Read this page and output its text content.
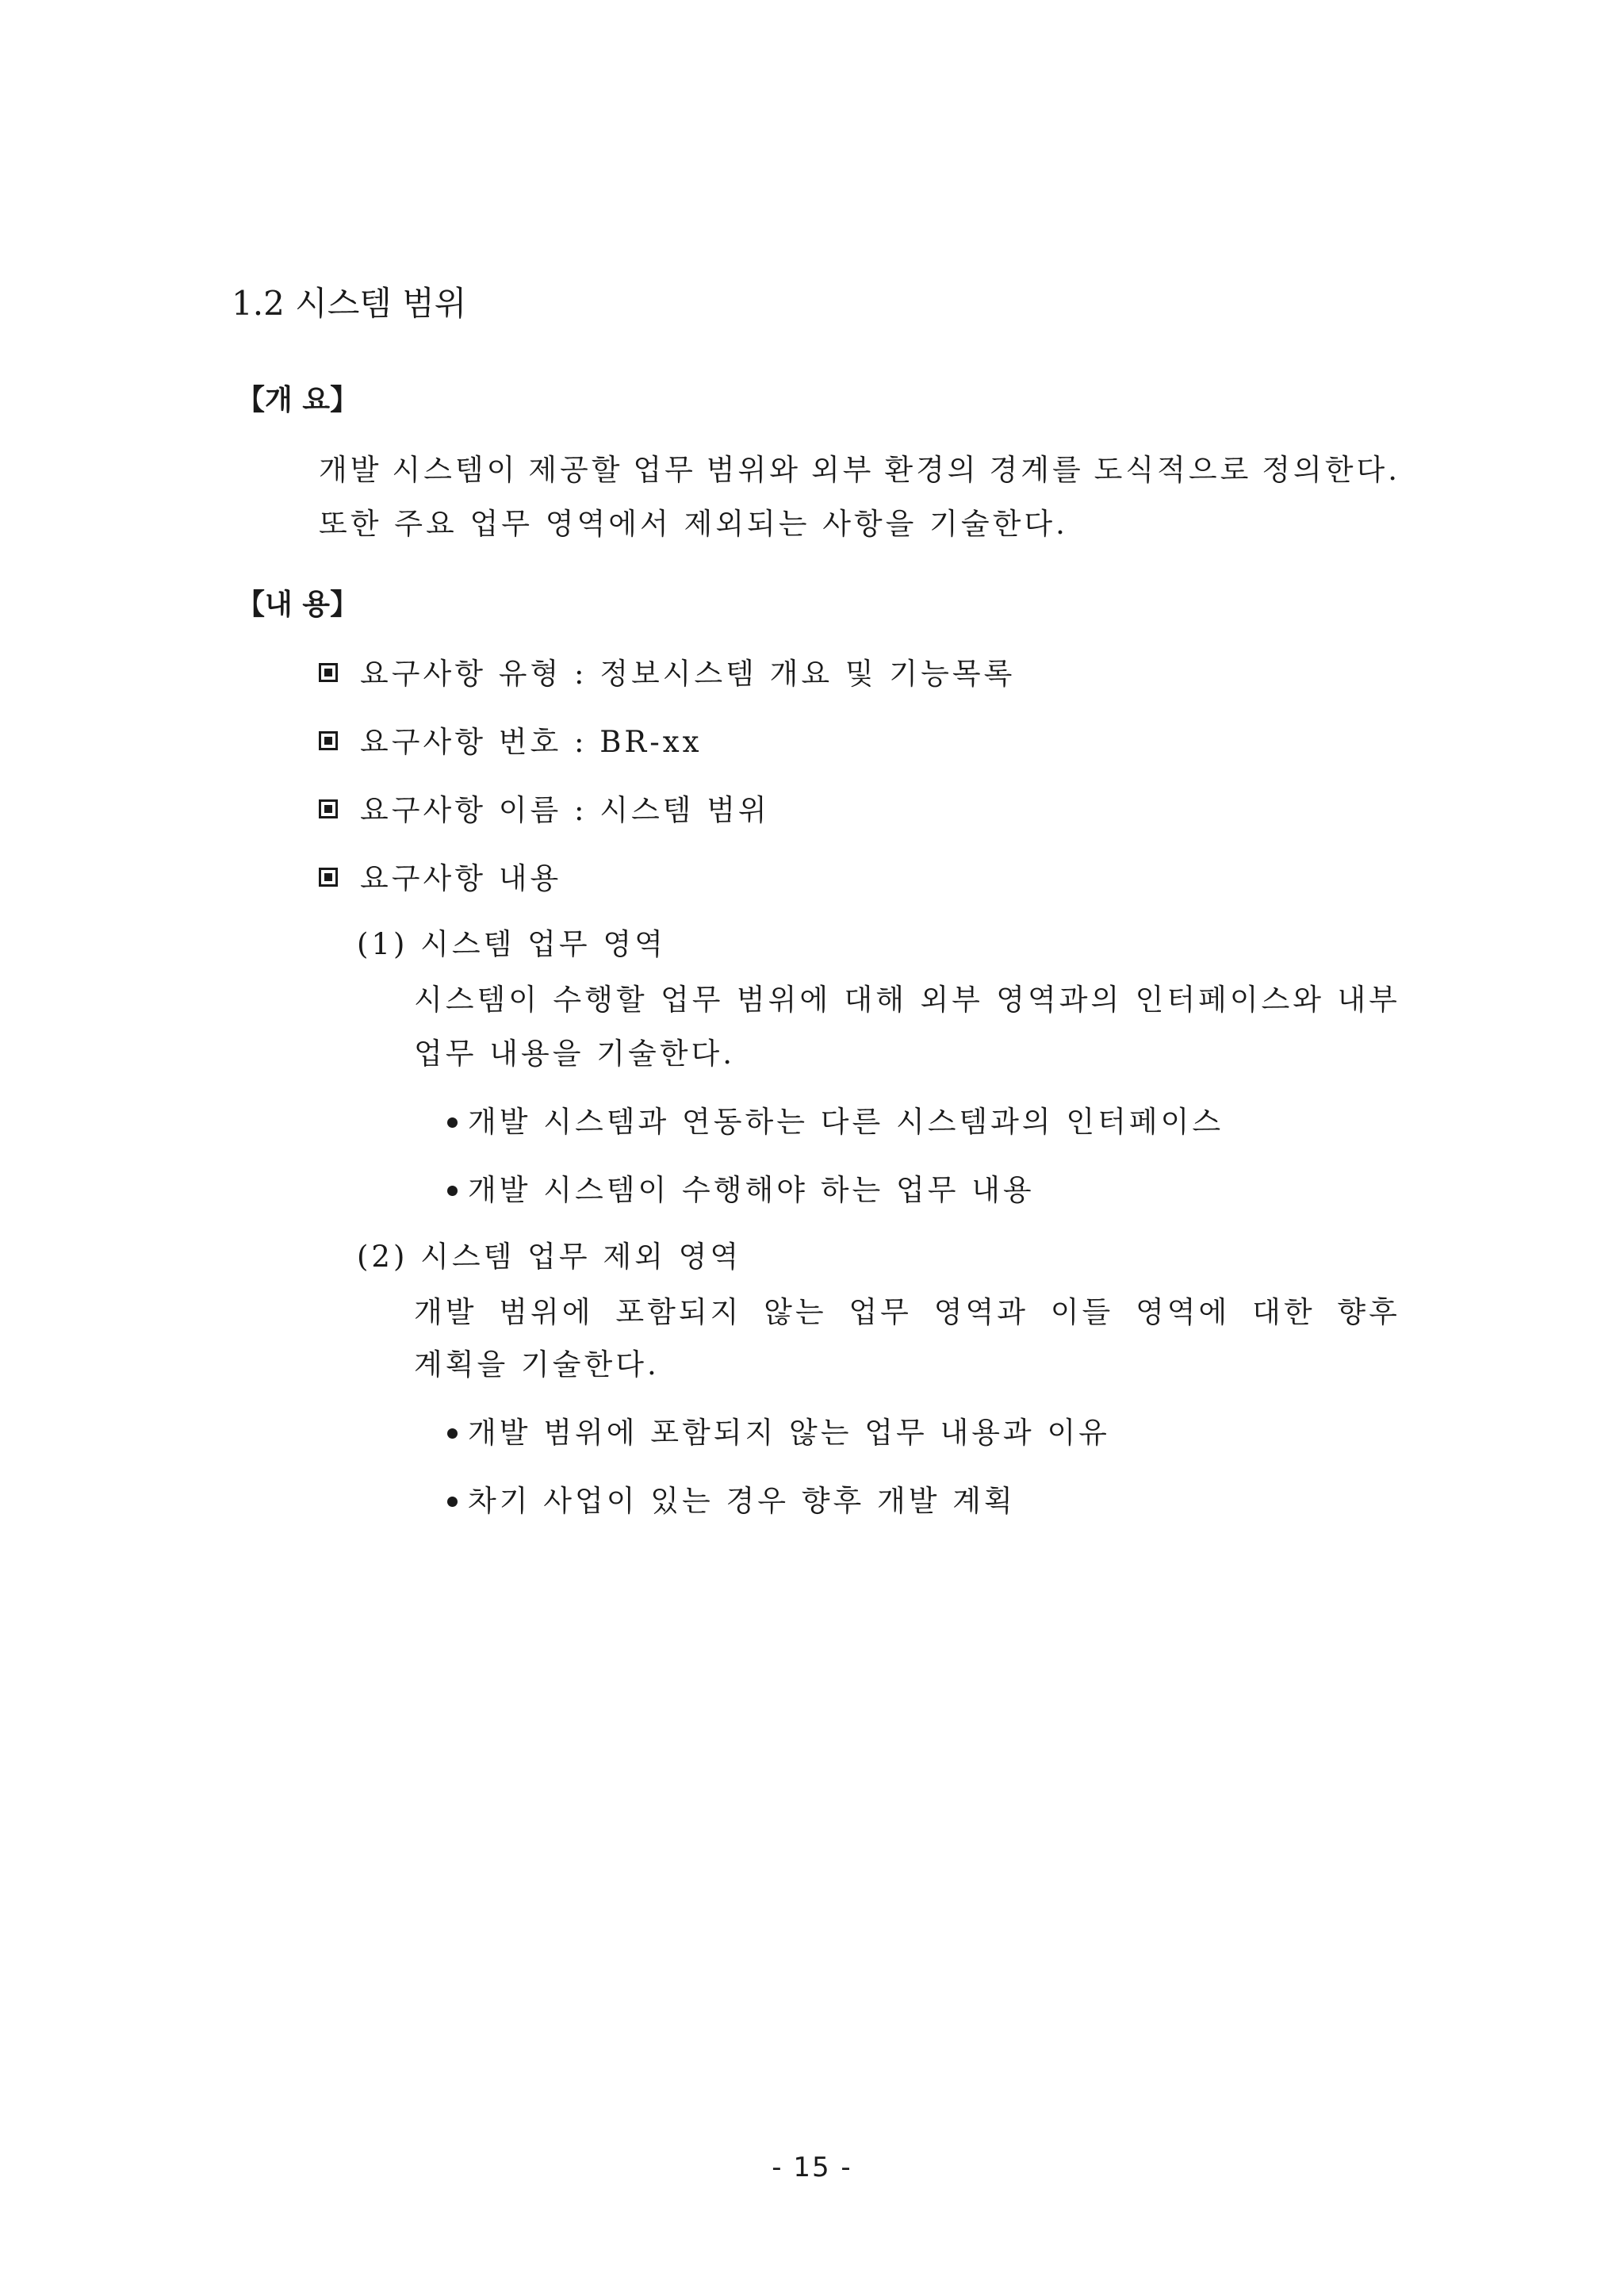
1.2 시스템 범위
【개 요】
개발 시스템이 제공할 업무 범위와 외부 환경의 경계를 도식적으로 정의한다.
또한 주요 업무 영역에서 제외되는 사항을 기술한다.
【내 용】
요구사항 유형 : 정보시스템 개요 및 기능목록
요구사항 번호 : BR-xx
요구사항 이름 : 시스템 범위
요구사항 내용
(1) 시스템 업무 영역
시스템이 수행할 업무 범위에 대해 외부 영역과의 인터페이스와 내부
업무 내용을 기술한다.
개발 시스템과 연동하는 다른 시스템과의 인터페이스
개발 시스템이 수행해야 하는 업무 내용
(2) 시스템 업무 제외 영역
개발 범위에 포함되지 않는 업무 영역과 이들 영역에 대한 향후
계획을 기술한다.
개발 범위에 포함되지 않는 업무 내용과 이유
차기 사업이 있는 경우 향후 개발 계획
- 15 -
